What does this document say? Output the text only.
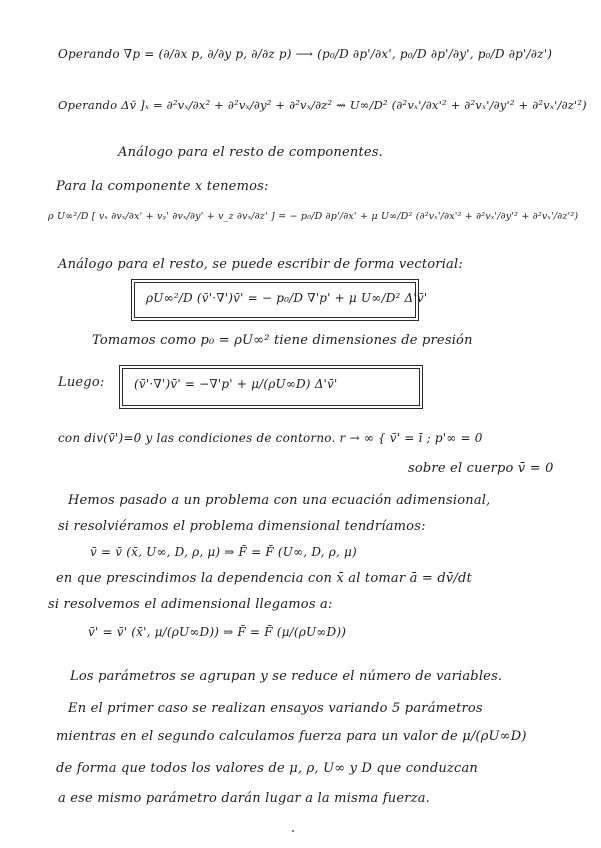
Operando ∇̄p = (∂/∂x p, ∂/∂y p, ∂/∂z p) ⟶ (p₀/D ∂p'/∂x', p₀/D ∂p'/∂y', p₀/D ∂p'/∂z')
Operando Δv̄ ]ₓ = ∂²vₓ/∂x² + ∂²vₓ/∂y² + ∂²vₓ/∂z² ⇝ U∞/D² (∂²vₓ'/∂x'² + ∂²vₓ'/∂y'² + ∂²vₓ'/∂z'²)
Análogo para el resto de componentes.
Para la componente x tenemos:
ρ U∞²/D [ vₓ ∂vₓ/∂x' + vᵧ' ∂vₓ/∂y' + v_z ∂vₓ/∂z' ] = − p₀/D ∂p'/∂x' + μ U∞/D² (∂²vₓ'/∂x'² + ∂²vₓ'/∂y'² + ∂²vₓ'/∂z'²)
Análogo para el resto, se puede escribir de forma vectorial:
ρU∞²/D (v̄'·∇')v̄' = − p₀/D ∇'p' + μ U∞/D² Δ'v̄'
Tomamos como p₀ = ρU∞² tiene dimensiones de presión
Luego: (v̄'·∇')v̄' = −∇'p' + μ/(ρU∞D) Δ'v̄'
con div(v̄')=0 y las condiciones de contorno. r → ∞ { v̄' = ī ; p'∞ = 0
sobre el cuerpo v̄ = 0
Hemos pasado a un problema con una ecuación adimensional,
si resolviéramos el problema dimensional tendríamos:
v̄ = v̄ (x̄, U∞, D, ρ, μ) ⇒ F̄ = F̄ (U∞, D, ρ, μ)
en que prescindimos la dependencia con x̄ al tomar ā = dv̄/dt
si resolvemos el adimensional llegamos a:
v̄' = v̄' (x̄', μ/(ρU∞D)) ⇒ F̄ = F̄ (μ/(ρU∞D))
Los parámetros se agrupan y se reduce el número de variables.
En el primer caso se realizan ensayos variando 5 parámetros
mientras en el segundo calculamos fuerza para un valor de μ/(ρU∞D)
de forma que todos los valores de μ, ρ, U∞ y D que conduzcan
a ese mismo parámetro darán lugar a la misma fuerza.
